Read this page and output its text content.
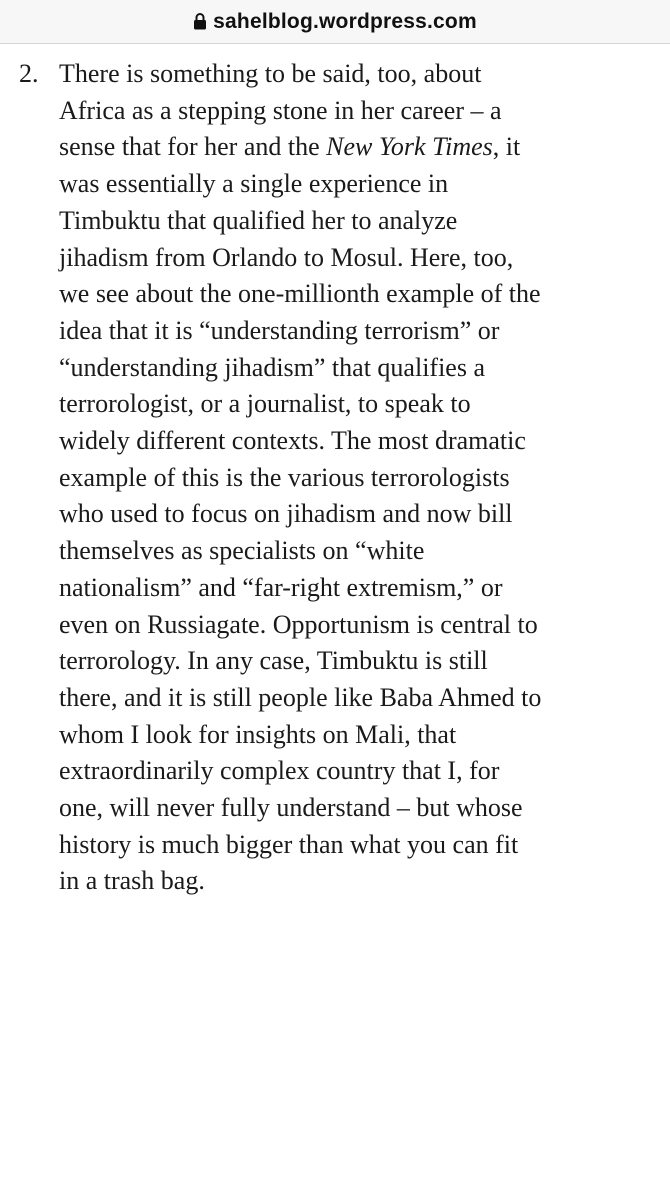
sahelblog.wordpress.com
2. There is something to be said, too, about
Africa as a stepping stone in her career – a
sense that for her and the New York Times, it
was essentially a single experience in
Timbuktu that qualified her to analyze
jihadism from Orlando to Mosul. Here, too,
we see about the one-millionth example of the
idea that it is “understanding terrorism” or
“understanding jihadism” that qualifies a
terrorologist, or a journalist, to speak to
widely different contexts. The most dramatic
example of this is the various terrorologists
who used to focus on jihadism and now bill
themselves as specialists on “white
nationalism” and “far-right extremism,” or
even on Russiagate. Opportunism is central to
terrorology. In any case, Timbuktu is still
there, and it is still people like Baba Ahmed to
whom I look for insights on Mali, that
extraordinarily complex country that I, for
one, will never fully understand – but whose
history is much bigger than what you can fit
in a trash bag.
